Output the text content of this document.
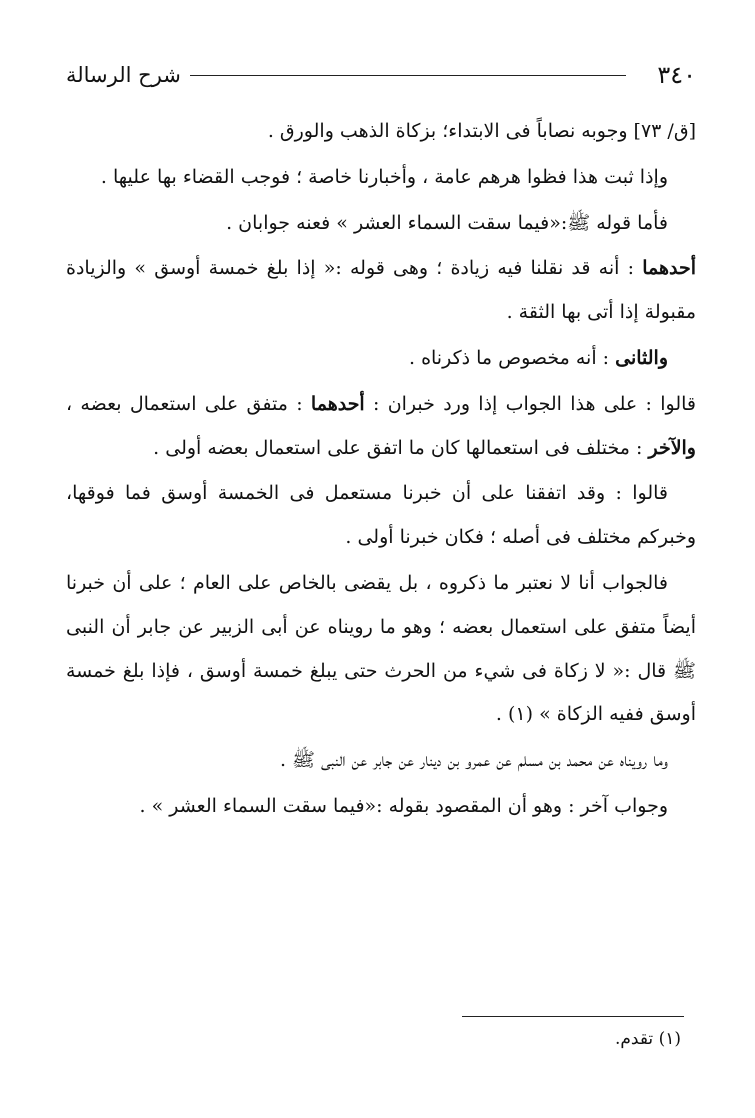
شرح الرسالة	٣٤٠

[ق/ ٧٣] وجوبه نصاباً فى الابتداء؛ بزكاة الذهب والورق .

وإذا ثبت هذا فظوا هرهم عامة ، وأخبارنا خاصة ؛ فوجب القضاء بها عليها .

فأما قوله ﷺ:«فيما سقت السماء العشر » فعنه جوابان .

أحدهما : أنه قد نقلنا فيه زيادة ؛ وهى قوله :« إذا بلغ خمسة أوسق » والزيادة مقبولة إذا أتى بها الثقة .

والثانى : أنه مخصوص ما ذكرناه .

قالوا : على هذا الجواب إذا ورد خبران : أحدهما : متفق على استعمال بعضه ، والآخر : مختلف فى استعمالها كان ما اتفق على استعمال بعضه أولى .

قالوا : وقد اتفقنا على أن خبرنا مستعمل فى الخمسة أوسق فما فوقها، وخبركم مختلف فى أصله ؛ فكان خبرنا أولى .

فالجواب أنا لا نعتبر ما ذكروه ، بل يقضى بالخاص على العام ؛ على أن خبرنا أيضاً متفق على استعمال بعضه ؛ وهو ما رويناه عن أبى الزبير عن جابر أن النبى ﷺ قال :« لا زكاة فى شيء من الحرث حتى يبلغ خمسة أوسق ، فإذا بلغ خمسة أوسق ففيه الزكاة » (١) .

وما رويناه عن محمد بن مسلم عن عمرو بن دينار عن جابر عن النبى ﷺ .

وجواب آخر : وهو أن المقصود بقوله :«فيما سقت السماء العشر » .

(١) تقدم.
